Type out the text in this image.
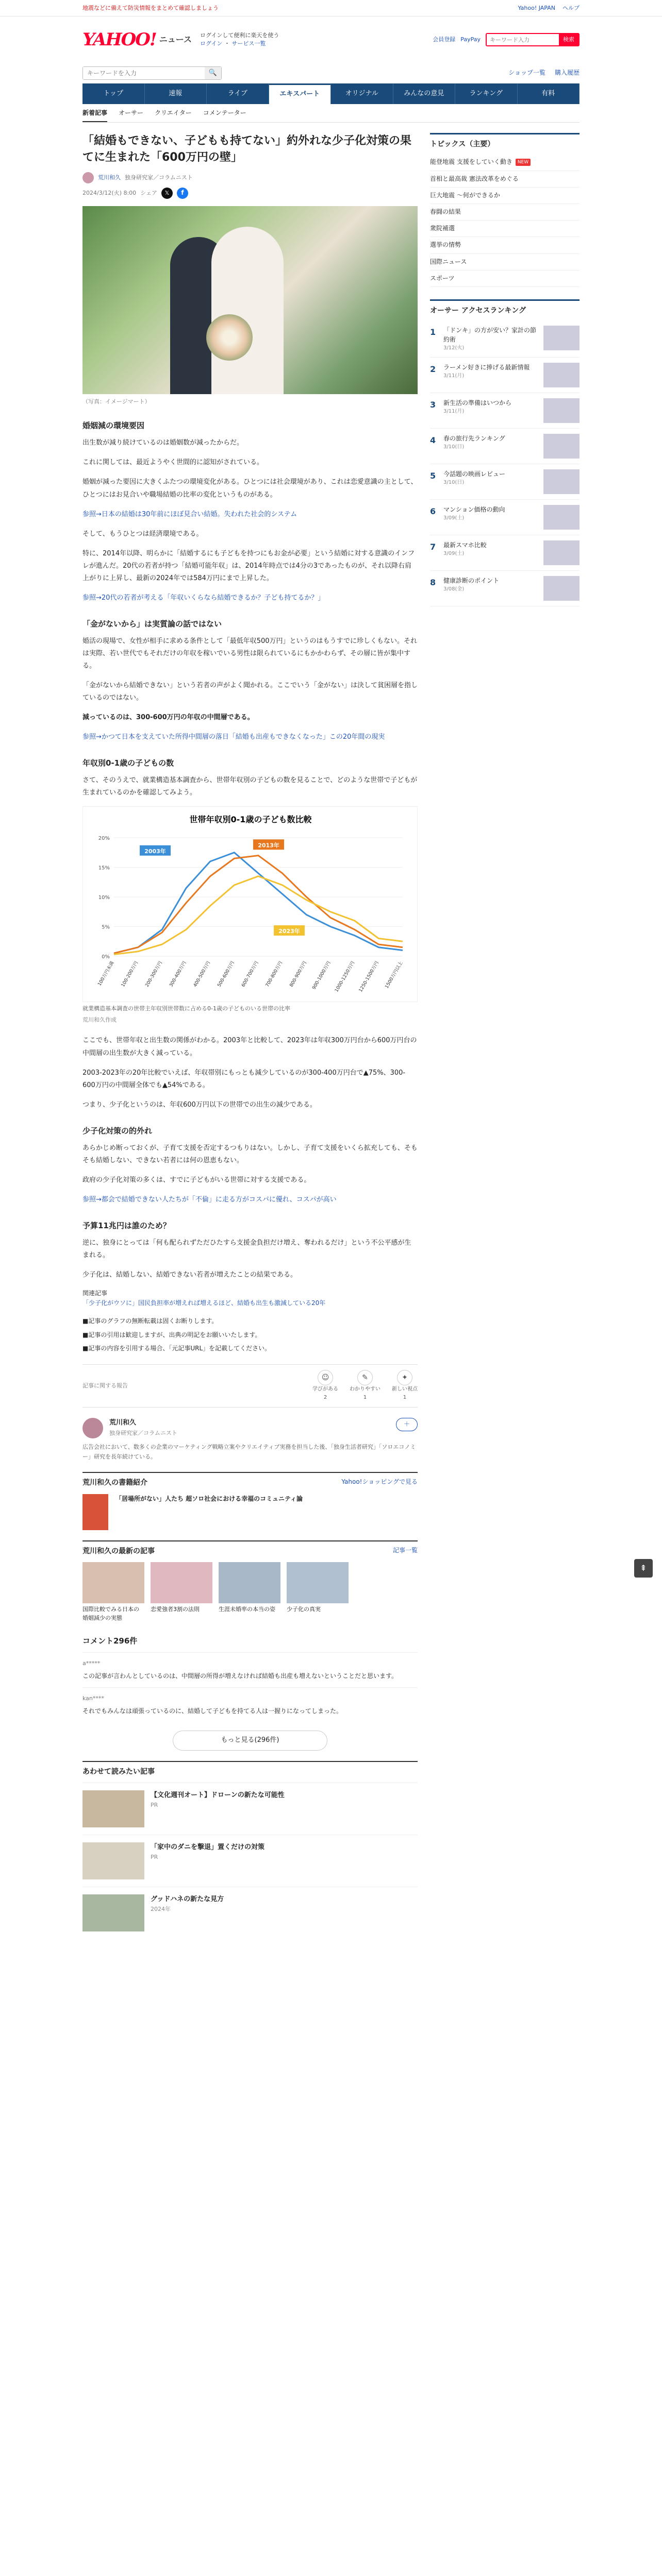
地震などに備えて防災情報をまとめて確認しましょう	Yahoo! JAPAN ヘルプ
YAHOO! ニュース ログインして便利に楽天を使う
ログイン ・ サービス一覧
会員登録 PayPay
キーワード入力	検索
キーワードを入力
🔍	ショップ一覧 購入履歴
トップ	速報	ライブ	エキスパート	オリジナル	みんなの意見	ランキング	有料
新着記事 オーサー クリエイター コメンテーター
「結婚もできない、子どもも持てない」約外れな少子化対策の果てに生まれた「600万円の壁」
荒川和久 独身研究家／コラムニスト
2024/3/12(火) 8:00 シェア	𝕏	f
（写真：イメージマート）
婚姻減の環境要因

出生数が減り続けているのは婚姻数が減ったからだ。

これに関しては、最近ようやく世間的に認知がされている。

婚姻が減った要因に大きくふたつの環境変化がある。ひとつには社会環境があり、これは恋愛意識の主として、ひとつにはお見合いや職場結婚の比率の変化というものがある。

参照→日本の結婚は30年前にほぼ見合い結婚。失われた社会的システム

そして、もうひとつは経済環境である。

特に、2014年以降、明らかに「結婚するにも子どもを持つにもお金が必要」という結婚に対する意識のインフレが進んだ。20代の若者が持つ「結婚可能年収」は、2014年時点では4分の3であったものが、それ以降右肩上がりに上昇し、最新の2024年では584万円にまで上昇した。

参照→20代の若者が考える「年収いくらなら結婚できるか？子ども持てるか？」

「金がないから」は実質論の話ではない

婚活の現場で、女性が相手に求める条件として「最低年収500万円」というのはもうすでに珍しくもない。それは実際、若い世代でもそれだけの年収を稼いでいる男性は限られているにもかかわらず、その層に皆が集中する。

「金がないから結婚できない」という若者の声がよく聞かれる。ここでいう「金がない」は決して貧困層を指しているのではない。

減っているのは、300-600万円の年収の中間層である。

参照→かつて日本を支えていた所得中間層の落日「結婚も出産もできなくなった」この20年間の現実

年収別0-1歳の子どもの数

さて、そのうえで、就業構造基本調査から、世帯年収別の子どもの数を見ることで、どのような世帯で子どもが生まれているのかを確認してみよう。

世帯年収別0-1歳の子ども数比較
0%
5%
10%
15%
20%
100万円未満 100-200万円 200-300万円 300-400万円 400-500万円 500-600万円 600-700万円 700-800万円 800-900万円 900-1000万円 1000-1250万円 1250-1500万円 1500万円以上
2003年
2013年
2023年
就業構造基本調査の世帯主年収別世帯数に占める0-1歳の子どものいる世帯の比率
荒川和久作成

ここでも、世帯年収と出生数の関係がわかる。2003年と比較して、2023年は年収300万円台から600万円台の中間層の出生数が大きく減っている。

2003-2023年の20年比較でいえば、年収帯別にもっとも減少しているのが300-400万円台で▲75%、300-600万円の中間層全体でも▲54%である。

つまり、少子化というのは、年収600万円以下の世帯での出生の減少である。

少子化対策の的外れ

あらかじめ断っておくが、子育て支援を否定するつもりはない。しかし、子育て支援をいくら拡充しても、そもそも結婚しない、できない若者には何の恩恵もない。

政府の少子化対策の多くは、すでに子どもがいる世帯に対する支援である。

参照→都会で結婚できない人たちが「不倫」に走る方がコスパに優れ、コスパが高い

予算11兆円は誰のため？

逆に、独身にとっては「何も配られずただひたすら支援金負担だけ増え、奪われるだけ」という不公平感が生まれる。

少子化は、結婚しない、結婚できない若者が増えたことの結果である。

関連記事
「少子化がウソに」国民負担率が増えれば増えるほど、結婚も出生も激減している20年

■記事のグラフの無断転載は固くお断りします。

■記事の引用は歓迎しますが、出典の明記をお願いいたします。

■記事の内容を引用する場合、「元記事URL」を記載してください。

記事に関する報告
☺
学びがある
2
✎
わかりやすい
1
✦
新しい視点
1
荒川和久
独身研究家／コラムニスト
＋
広告会社において、数多くの企業のマーケティング戦略立案やクリエイティブ実務を担当した後、「独身生活者研究」「ソロエコノミー」研究を長年続けている。
荒川和久の書籍紹介	Yahoo!ショッピングで見る
「居場所がない」人たち 超ソロ社会における幸福のコミュニティ論
荒川和久の最新の記事	記事一覧
国際比較でみる日本の婚姻減少の実態
恋愛強者3割の法則	生涯未婚率の本当の姿	少子化の真実
コメント296件
a*****
この記事が言わんとしているのは、中間層の所得が増えなければ結婚も出産も増えないということだと思います。
kan****
それでもみんなは頑張っているのに、結婚して子どもを持てる人は一握りになってしまった。
もっと見る(296件)
あわせて読みたい記事
【文化週刊オート】ドローンの新たな可能性
PR
「家中のダニを撃退」置くだけの対策
PR
グッドハネの新たな見方
2024年
トピックス（主要）
能登地震 支援をしていく動き	NEW
首相と最高裁 憲法改革をめぐる
巨大地震 ～何ができるか
春闘の結果
衆院補選
選挙の情勢
国際ニュース
スポーツ
オーサー アクセスランキング
1	「ドンキ」の方が安い？家計の節約術
3/12(火)
2	ラーメン好きに捧げる最新情報
3/11(月)
3	新生活の準備はいつから
3/11(月)
4	春の旅行先ランキング
3/10(日)
5	今話題の映画レビュー
3/10(日)
6	マンション価格の動向
3/09(土)
7	最新スマホ比較
3/09(土)
8	健康診断のポイント
3/08(金)
⇞
